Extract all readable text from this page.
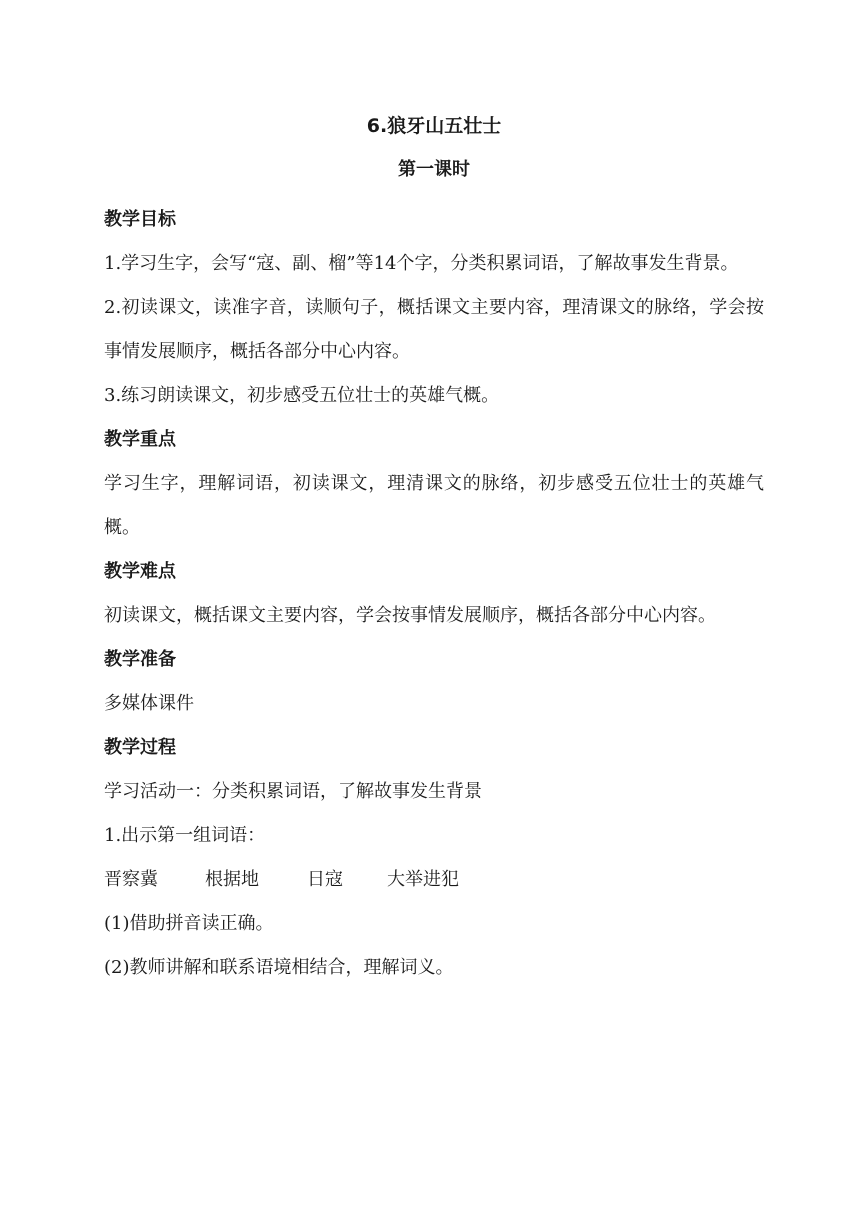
6.狼牙山五壮士
第一课时
教学目标

1.学习生字，会写“寇、副、榴”等14个字，分类积累词语，了解故事发生背景。

2.初读课文，读准字音，读顺句子，概括课文主要内容，理清课文的脉络，学会按事情发展顺序，概括各部分中心内容。

3.练习朗读课文，初步感受五位壮士的英雄气概。

教学重点

学习生字，理解词语，初读课文，理清课文的脉络，初步感受五位壮士的英雄气概。

教学难点

初读课文，概括课文主要内容，学会按事情发展顺序，概括各部分中心内容。

教学准备

多媒体课件

教学过程

学习活动一：分类积累词语，了解故事发生背景

1.出示第一组词语：

晋察冀	根据地	日寇 大举进犯

(1)借助拼音读正确。

(2)教师讲解和联系语境相结合，理解词义。
